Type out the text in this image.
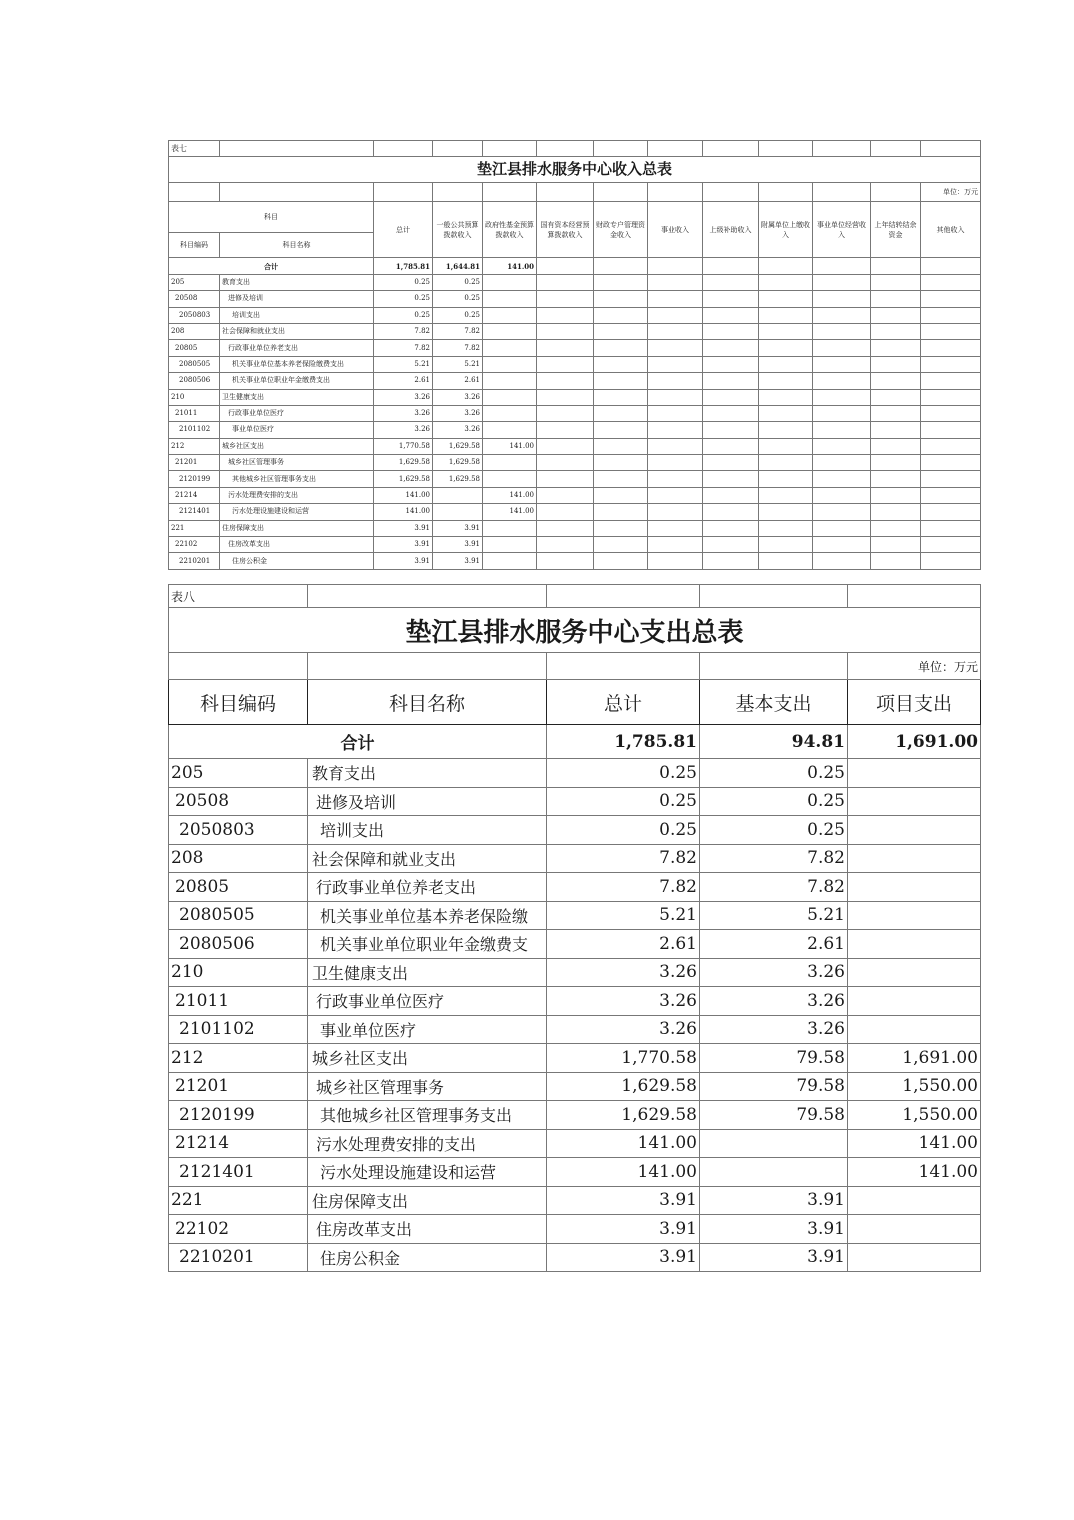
表七												
垫江县排水服务中心收入总表												
												单位：万元
科目		总计	一般公共预算拨款收入	政府性基金预算拨款收入	国有资本经营预算拨款收入	财政专户管理资金收入	事业收入	上级补助收入	附属单位上缴收入	事业单位经营收入	上年结转结余资金	其他收入
科目编码	科目名称											
合计		1,785.81	1,644.81	141.00								
205	教育支出	0.25	0.25									
20508	进修及培训	0.25	0.25									
2050803	培训支出	0.25	0.25									
208	社会保障和就业支出	7.82	7.82									
20805	行政事业单位养老支出	7.82	7.82									
2080505	机关事业单位基本养老保险缴费支出	5.21	5.21									
2080506	机关事业单位职业年金缴费支出	2.61	2.61									
210	卫生健康支出	3.26	3.26									
21011	行政事业单位医疗	3.26	3.26									
2101102	事业单位医疗	3.26	3.26									
212	城乡社区支出	1,770.58	1,629.58	141.00								
21201	城乡社区管理事务	1,629.58	1,629.58									
2120199	其他城乡社区管理事务支出	1,629.58	1,629.58									
21214	污水处理费安排的支出	141.00		141.00								
2121401	污水处理设施建设和运营	141.00		141.00								
221	住房保障支出	3.91	3.91									
22102	住房改革支出	3.91	3.91									
2210201	住房公积金	3.91	3.91									
表八				
垫江县排水服务中心支出总表				
				单位：万元
科目编码	科目名称	总计	基本支出	项目支出
合计		1,785.81	94.81	1,691.00
205	教育支出	0.25	0.25	
20508	进修及培训	0.25	0.25	
2050803	培训支出	0.25	0.25	
208	社会保障和就业支出	7.82	7.82	
20805	行政事业单位养老支出	7.82	7.82	
2080505	机关事业单位基本养老保险缴	5.21	5.21	
2080506	机关事业单位职业年金缴费支	2.61	2.61	
210	卫生健康支出	3.26	3.26	
21011	行政事业单位医疗	3.26	3.26	
2101102	事业单位医疗	3.26	3.26	
212	城乡社区支出	1,770.58	79.58	1,691.00
21201	城乡社区管理事务	1,629.58	79.58	1,550.00
2120199	其他城乡社区管理事务支出	1,629.58	79.58	1,550.00
21214	污水处理费安排的支出	141.00		141.00
2121401	污水处理设施建设和运营	141.00		141.00
221	住房保障支出	3.91	3.91	
22102	住房改革支出	3.91	3.91	
2210201	住房公积金	3.91	3.91	
